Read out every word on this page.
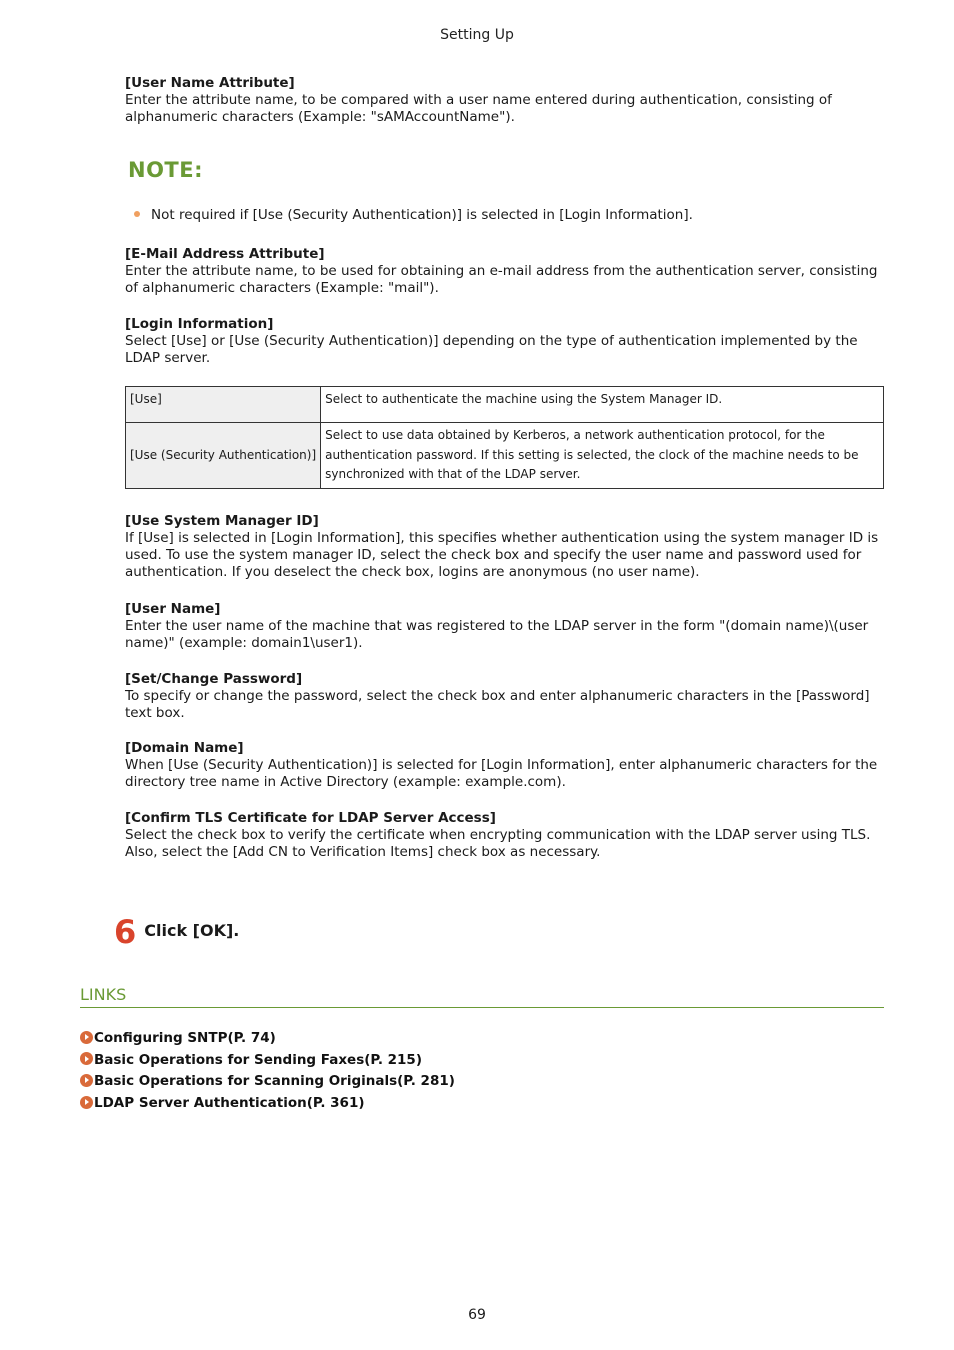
Setting Up

[User Name Attribute]

Enter the attribute name, to be compared with a user name entered during authentication, consisting of alphanumeric characters (Example: "sAMAccountName").

NOTE:
Not required if [Use (Security Authentication)] is selected in [Login Information].

[E-Mail Address Attribute]

Enter the attribute name, to be used for obtaining an e-mail address from the authentication server, consisting of alphanumeric characters (Example: "mail").

[Login Information]

Select [Use] or [Use (Security Authentication)] depending on the type of authentication implemented by the LDAP server.

[Use]	Select to authenticate the machine using the System Manager ID.
[Use (Security Authentication)]	Select to use data obtained by Kerberos, a network authentication protocol, for the authentication password. If this setting is selected, the clock of the machine needs to be synchronized with that of the LDAP server.

[Use System Manager ID]

If [Use] is selected in [Login Information], this specifies whether authentication using the system manager ID is used. To use the system manager ID, select the check box and specify the user name and password used for authentication. If you deselect the check box, logins are anonymous (no user name).

[User Name]

Enter the user name of the machine that was registered to the LDAP server in the form "(domain name)\(user name)" (example: domain1\user1).

[Set/Change Password]

To specify or change the password, select the check box and enter alphanumeric characters in the [Password] text box.

[Domain Name]

When [Use (Security Authentication)] is selected for [Login Information], enter alphanumeric characters for the directory tree name in Active Directory (example: example.com).

[Confirm TLS Certificate for LDAP Server Access]

Select the check box to verify the certificate when encrypting communication with the LDAP server using TLS. Also, select the [Add CN to Verification Items] check box as necessary.

6 Click [OK].
LINKS
Configuring SNTP(P. 74)
Basic Operations for Sending Faxes(P. 215)
Basic Operations for Scanning Originals(P. 281)
LDAP Server Authentication(P. 361)
69
